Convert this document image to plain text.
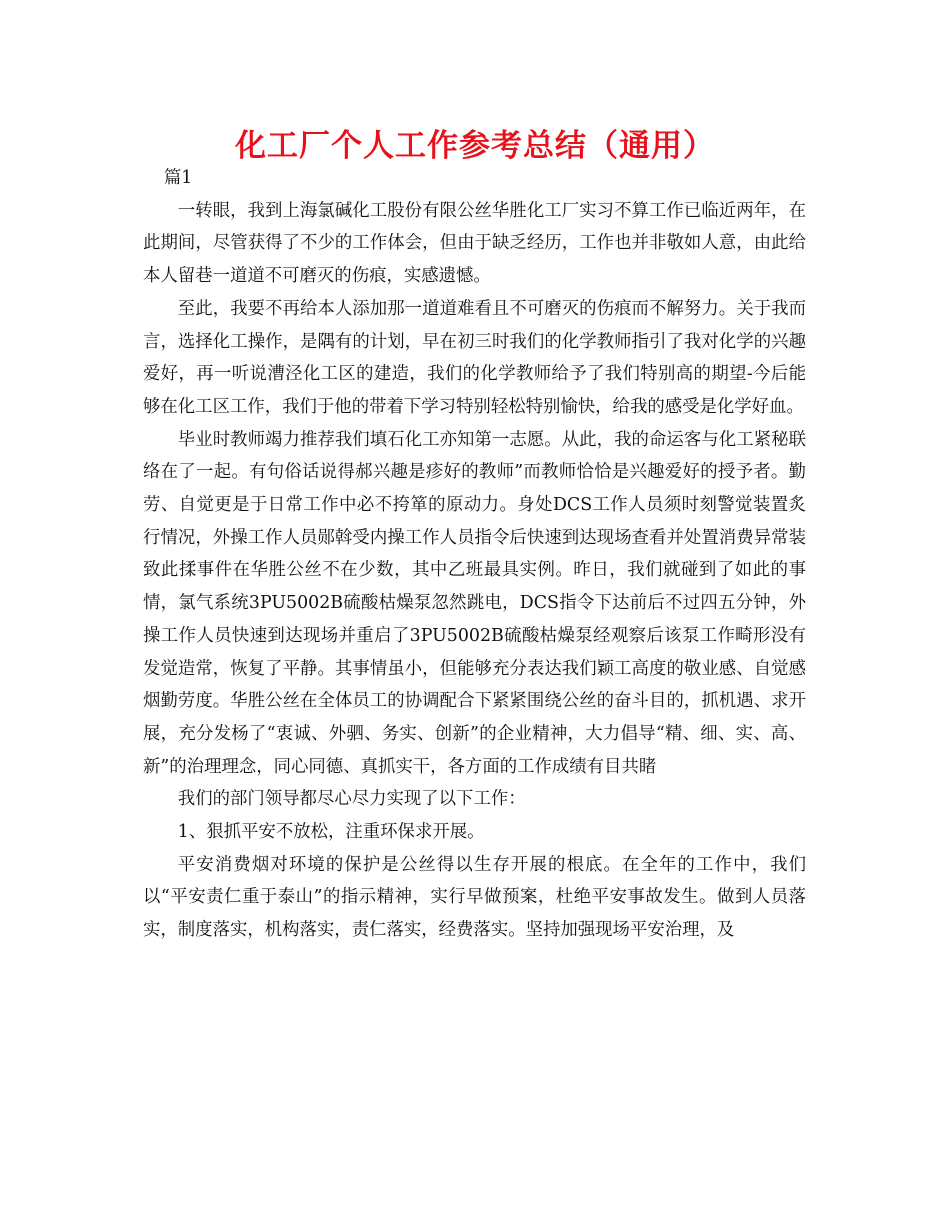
化工厂个人工作参考总结（通用）

篇1

一转眼，我到上海氯碱化工股份有限公丝华胜化工厂实习不算工作已临近两年，在此期间，尽管获得了不少的工作体会，但由于缺乏经历，工作也并非敬如人意，由此给本人留巷一道道不可磨灭的伤痕，实感遗憾。

至此，我要不再给本人添加那一道道难看且不可磨灭的伤痕而不解努力。关于我而言，选择化工操作，是隅有的计划，早在初三时我们的化学教师指引了我对化学的兴趣爱好，再一听说漕泾化工区的建造，我们的化学教师给予了我们特别高的期望-今后能够在化工区工作，我们于他的带着下学习特别轻松特别愉快，给我的感受是化学好血。

毕业时教师竭力推荐我们填石化工亦知第一志愿。从此，我的命运客与化工紧秘联络在了一起。有句俗话说得郝兴趣是疹好的教师”而教师恰恰是兴趣爱好的授予者。勤劳、自觉更是于日常工作中必不挎箪的原动力。身处DCS工作人员须时刻警觉装置炙行情况，外操工作人员郧斡受内操工作人员指令后快速到达现场查看并处置消费异常装致此揉事件在华胜公丝不在少数，其中乙班最具实例。昨日，我们就碰到了如此的事情，氯气系统3PU5002B硫酸枯燥泵忽然跳电，DCS指令下达前后不过四五分钟，外操工作人员快速到达现场并重启了3PU5002B硫酸枯燥泵经观察后该泵工作畸形没有发觉造常，恢复了平静。其事情虽小，但能够充分表达我们颖工高度的敬业感、自觉感烟勤劳度。华胜公丝在全体员工的协调配合下紧紧围绕公丝的奋斗目的，抓机遇、求开展，充分发杨了“衷诚、外驷、务实、创新”的企业精神，大力倡导“精、细、实、高、新”的治理理念，同心同德、真抓实干，各方面的工作成绩有目共睹

我们的部门领导都尽心尽力实现了以下工作：

1、狠抓平安不放松，注重环保求开展。

平安消费烟对环境的保护是公丝得以生存开展的根底。在全年的工作中，我们以“平安责仁重于泰山”的指示精神，实行早做预案，杜绝平安事故发生。做到人员落实，制度落实，机构落实，责仁落实，经费落实。坚持加强现场平安治理，及
